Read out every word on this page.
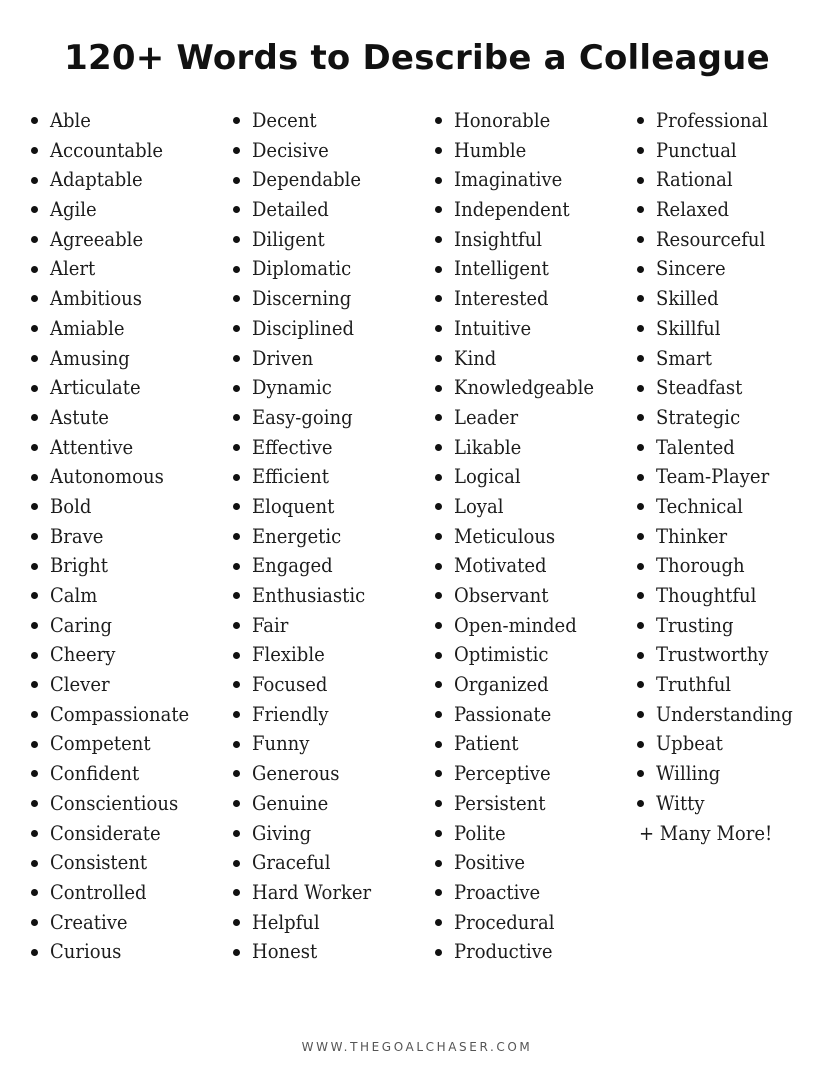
120+ Words to Describe a Colleague
Able
Accountable
Adaptable
Agile
Agreeable
Alert
Ambitious
Amiable
Amusing
Articulate
Astute
Attentive
Autonomous
Bold
Brave
Bright
Calm
Caring
Cheery
Clever
Compassionate
Competent
Confident
Conscientious
Considerate
Consistent
Controlled
Creative
Curious
Decent
Decisive
Dependable
Detailed
Diligent
Diplomatic
Discerning
Disciplined
Driven
Dynamic
Easy-going
Effective
Efficient
Eloquent
Energetic
Engaged
Enthusiastic
Fair
Flexible
Focused
Friendly
Funny
Generous
Genuine
Giving
Graceful
Hard Worker
Helpful
Honest
Honorable
Humble
Imaginative
Independent
Insightful
Intelligent
Interested
Intuitive
Kind
Knowledgeable
Leader
Likable
Logical
Loyal
Meticulous
Motivated
Observant
Open-minded
Optimistic
Organized
Passionate
Patient
Perceptive
Persistent
Polite
Positive
Proactive
Procedural
Productive
Professional
Punctual
Rational
Relaxed
Resourceful
Sincere
Skilled
Skillful
Smart
Steadfast
Strategic
Talented
Team-Player
Technical
Thinker
Thorough
Thoughtful
Trusting
Trustworthy
Truthful
Understanding
Upbeat
Willing
Witty
+ Many More!
WWW.THEGOALCHASER.COM
